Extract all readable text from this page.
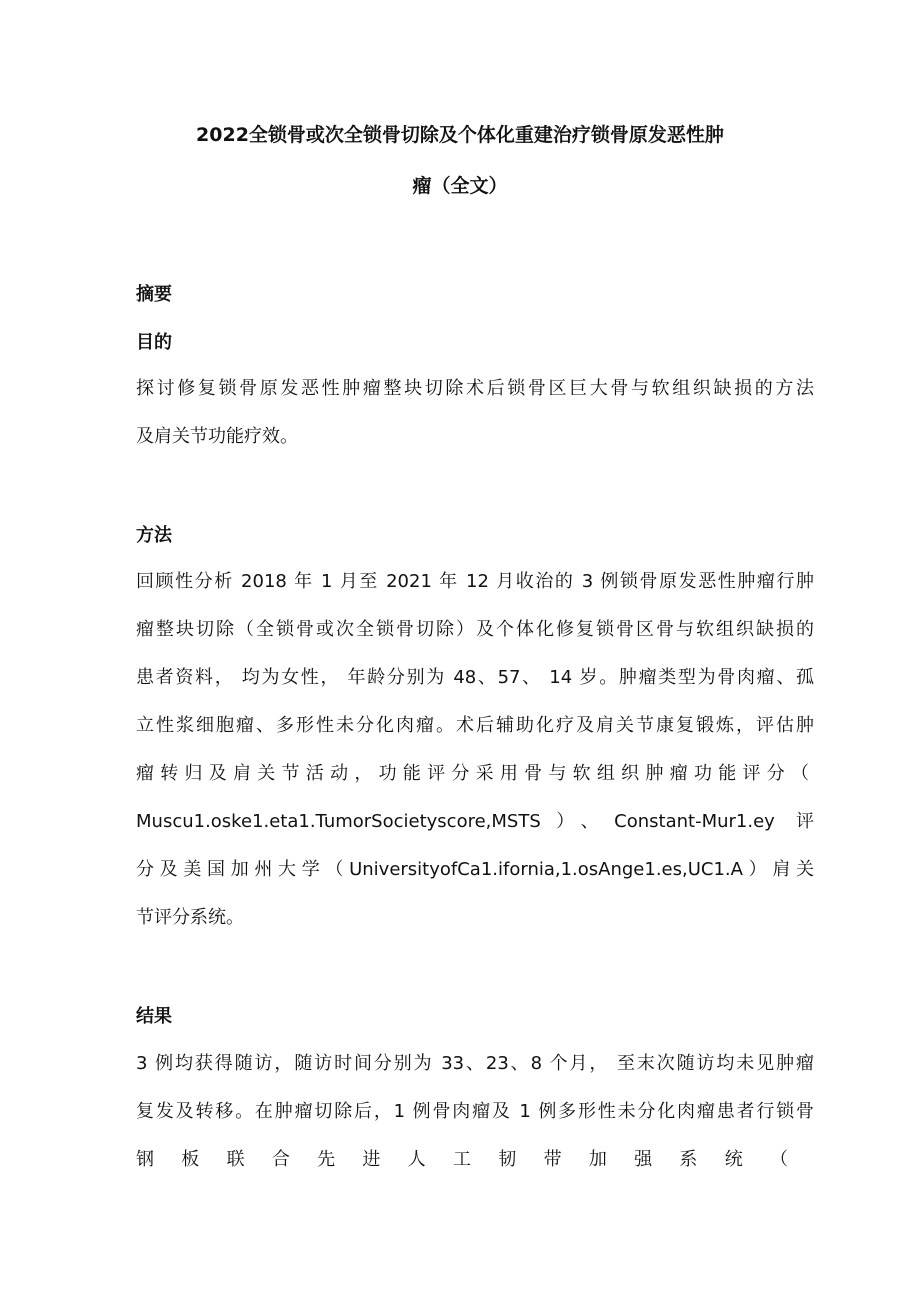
2022全锁骨或次全锁骨切除及个体化重建治疗锁骨原发恶性肿
瘤（全文）
摘要
目的
探讨修复锁骨原发恶性肿瘤整块切除术后锁骨区巨大骨与软组织缺损的方法
及肩关节功能疗效。
方法
回顾性分析 2018 年 1 月至 2021 年 12 月收治的 3 例锁骨原发恶性肿瘤行肿
瘤整块切除（全锁骨或次全锁骨切除）及个体化修复锁骨区骨与软组织缺损的
患者资料， 均为女性， 年龄分别为 48、57、 14 岁。肿瘤类型为骨肉瘤、孤
立性浆细胞瘤、多形性未分化肉瘤。术后辅助化疗及肩关节康复锻炼，评估肿
瘤转归及肩关节活动，功能评分采用骨与软组织肿瘤功能评分（
Muscu1.oske1.eta1.TumorSocietyscore,MSTS）、Constant-Mur1.ey 评
分及美国加州大学（UniversityofCa1.ifornia,1.osAnge1.es,UC1.A）肩关
节评分系统。
结果
3 例均获得随访，随访时间分别为 33、23、8 个月， 至末次随访均未见肿瘤
复发及转移。在肿瘤切除后，1 例骨肉瘤及 1 例多形性未分化肉瘤患者行锁骨
钢板联合先进人工韧带加强系统（
